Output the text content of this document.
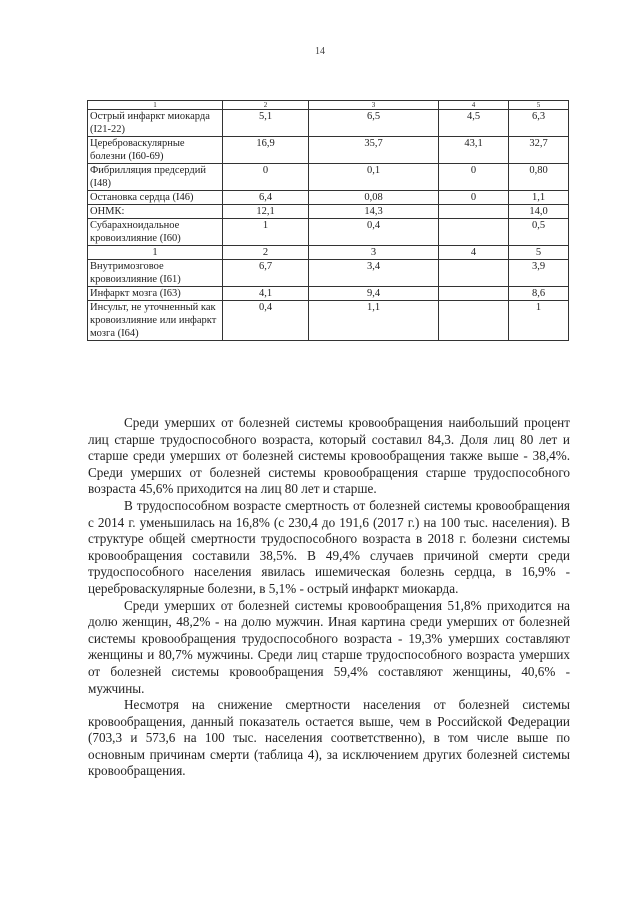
14
1	2	3	4	5
Острый инфаркт миокарда (I21-22)	5,1	6,5	4,5	6,3
Цереброваскулярные болезни (I60-69)	16,9	35,7	43,1	32,7
Фибрилляция предсердий (I48)	0	0,1	0	0,80
Остановка сердца (I46)	6,4	0,08	0	1,1
ОНМК:	12,1	14,3		14,0
Субарахноидальное кровоизлияние (I60)	1	0,4		0,5
1	2	3	4	5
Внутримозговое кровоизлияние (I61)	6,7	3,4		3,9
Инфаркт мозга (I63)	4,1	9,4		8,6
Инсульт, не уточненный как кровоизлияние или инфаркт мозга (I64)	0,4	1,1		1

Среди умерших от болезней системы кровообращения наибольший процент лиц старше трудоспособного возраста, который составил 84,3. Доля лиц 80 лет и старше среди умерших от болезней системы кровообращения также выше - 38,4%. Среди умерших от болезней системы кровообращения старше трудоспособного возраста 45,6% приходится на лиц 80 лет и старше.

В трудоспособном возрасте смертность от болезней системы кровообращения с 2014 г. уменьшилась на 16,8% (с 230,4 до 191,6 (2017 г.) на 100 тыс. населения). В структуре общей смертности трудоспособного возраста в 2018 г. болезни системы кровообращения составили 38,5%. В 49,4% случаев причиной смерти среди трудоспособного населения явилась ишемическая болезнь сердца, в 16,9% - цереброваскулярные болезни, в 5,1% - острый инфаркт миокарда.

Среди умерших от болезней системы кровообращения 51,8% приходится на долю женщин, 48,2% - на долю мужчин. Иная картина среди умерших от болезней системы кровообращения трудоспособного возраста - 19,3% умерших составляют женщины и 80,7% мужчины. Среди лиц старше трудоспособного возраста умерших от болезней системы кровообращения 59,4% составляют женщины, 40,6% - мужчины.

Несмотря на снижение смертности населения от болезней системы кровообращения, данный показатель остается выше, чем в Российской Федерации (703,3 и 573,6 на 100 тыс. населения соответственно), в том числе выше по основным причинам смерти (таблица 4), за исключением других болезней системы кровообращения.
